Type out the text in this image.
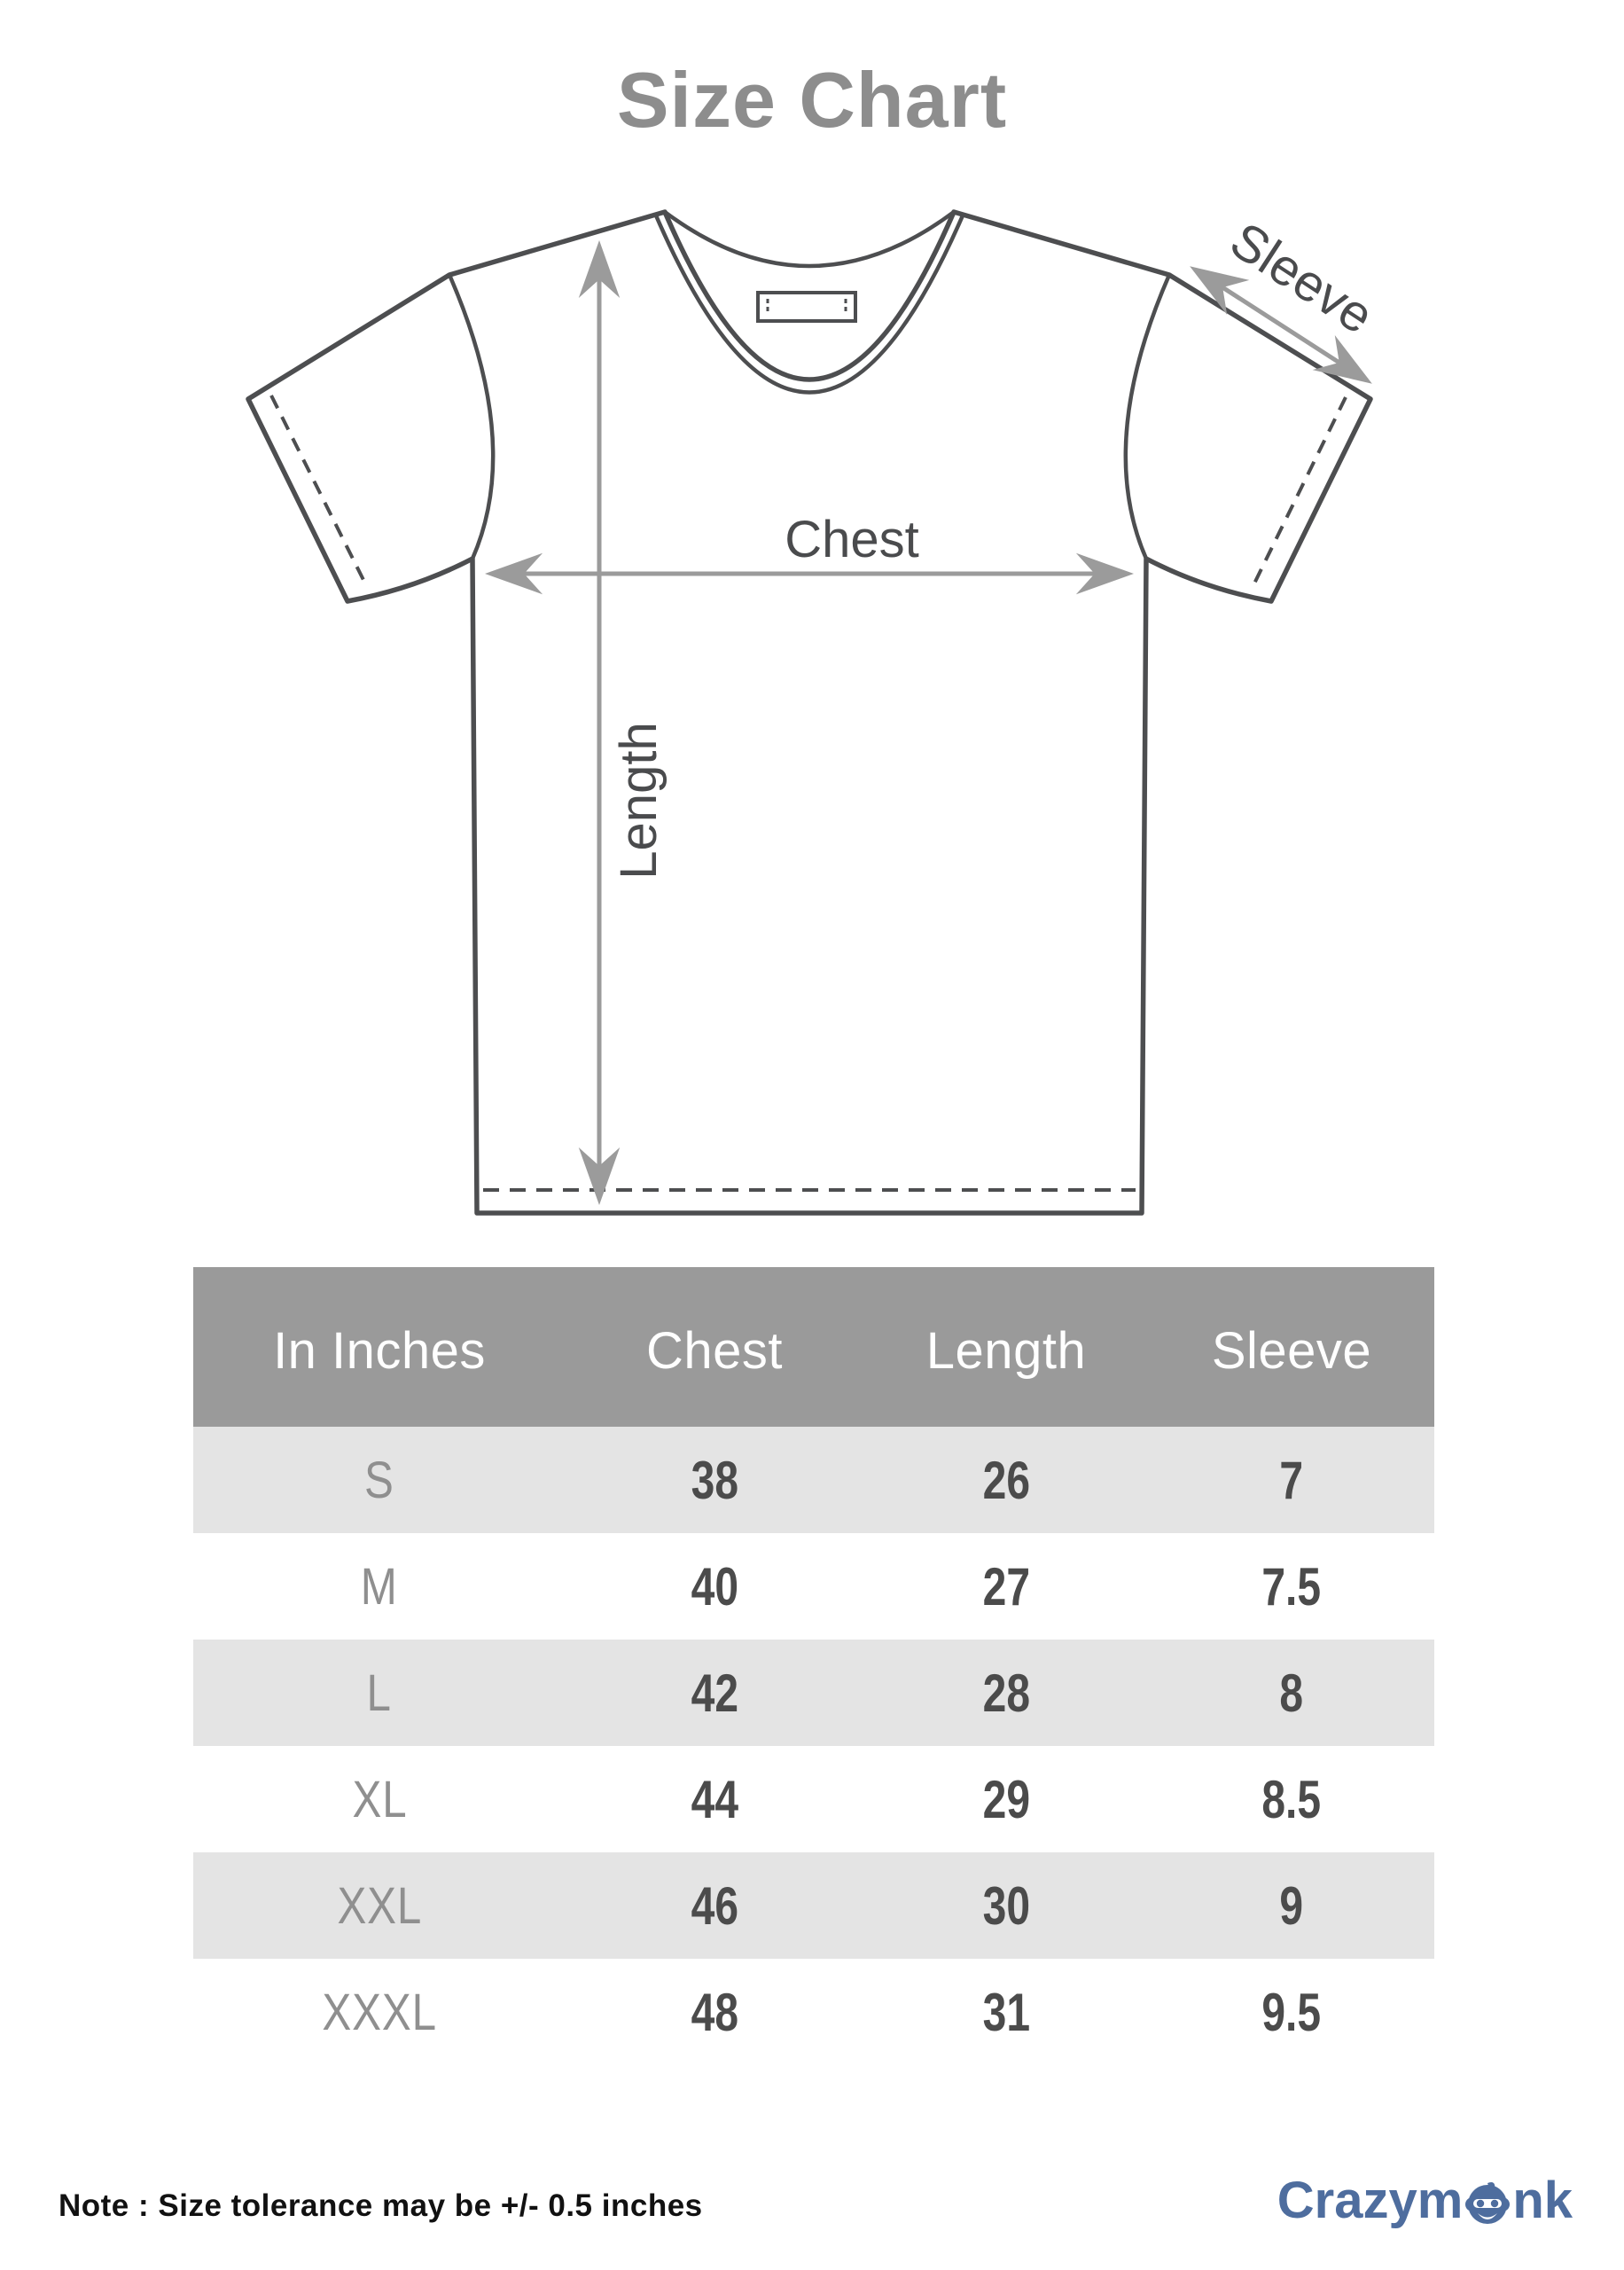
Size Chart
Chest
Length
Sleeve
In Inches	Chest	Length	Sleeve
S	38	26	7
M	40	27	7.5
L	42	28	8
XL	44	29	8.5
XXL	46	30	9
XXXL	48	31	9.5
Note : Size tolerance may be +/- 0.5 inches	Crazym nk
